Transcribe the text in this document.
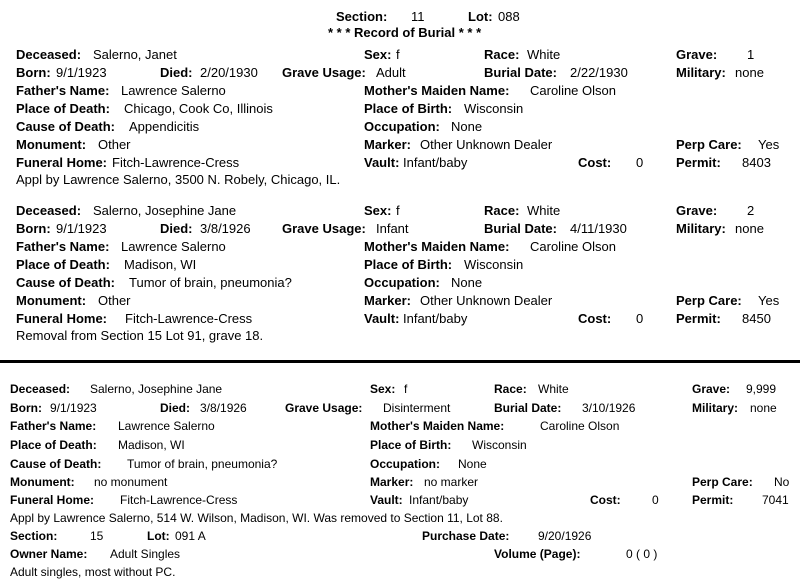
Section: 11	Lot: 088
* * * Record of Burial * * *
Deceased: Salerno, Janet	Sex: f	Race: White	Grave: 1
Born: 9/1/1923	Died: 2/20/1930 Grave Usage: Adult	Burial Date: 2/22/1930	Military: none
Father's Name: Lawrence Salerno	Mother's Maiden Name: Caroline Olson
Place of Death: Chicago, Cook Co, Illinois	Place of Birth: Wisconsin
Cause of Death: Appendicitis	Occupation: None
Monument: Other	Marker: Other Unknown Dealer	Perp Care: Yes
Funeral Home: Fitch-Lawrence-Cress	Vault: Infant/baby	Cost: 0	Permit: 8403
Appl by Lawrence Salerno, 3500 N. Robely, Chicago, IL.
Deceased: Salerno, Josephine Jane	Sex: f	Race: White	Grave: 2
Born: 9/1/1923	Died: 3/8/1926 Grave Usage: Infant	Burial Date: 4/11/1930	Military: none
Father's Name: Lawrence Salerno	Mother's Maiden Name: Caroline Olson
Place of Death: Madison, WI	Place of Birth: Wisconsin
Cause of Death: Tumor of brain, pneumonia?	Occupation: None
Monument: Other	Marker: Other Unknown Dealer	Perp Care: Yes
Funeral Home: Fitch-Lawrence-Cress	Vault: Infant/baby	Cost: 0	Permit: 8450
Removal from Section 15 Lot 91, grave 18.
Deceased: Salerno, Josephine Jane	Sex: f	Race: White	Grave: 9,999
Born: 9/1/1923	Died: 3/8/1926	Grave Usage: Disinterment	Burial Date: 3/10/1926	Military: none
Father's Name: Lawrence Salerno	Mother's Maiden Name:	Caroline Olson
Place of Death: Madison, WI	Place of Birth: Wisconsin
Cause of Death: Tumor of brain, pneumonia?	Occupation: None
Monument: no monument	Marker: no marker	Perp Care: No
Funeral Home: Fitch-Lawrence-Cress	Vault: Infant/baby	Cost:	0	Permit: 7041
Appl by Lawrence Salerno, 514 W. Wilson, Madison, WI. Was removed to Section 11, Lot 88.
Section:	15	Lot: 091 A	Purchase Date: 9/20/1926
Owner Name: Adult Singles	Volume (Page):	0 ( 0 )
Adult singles, most without PC.
